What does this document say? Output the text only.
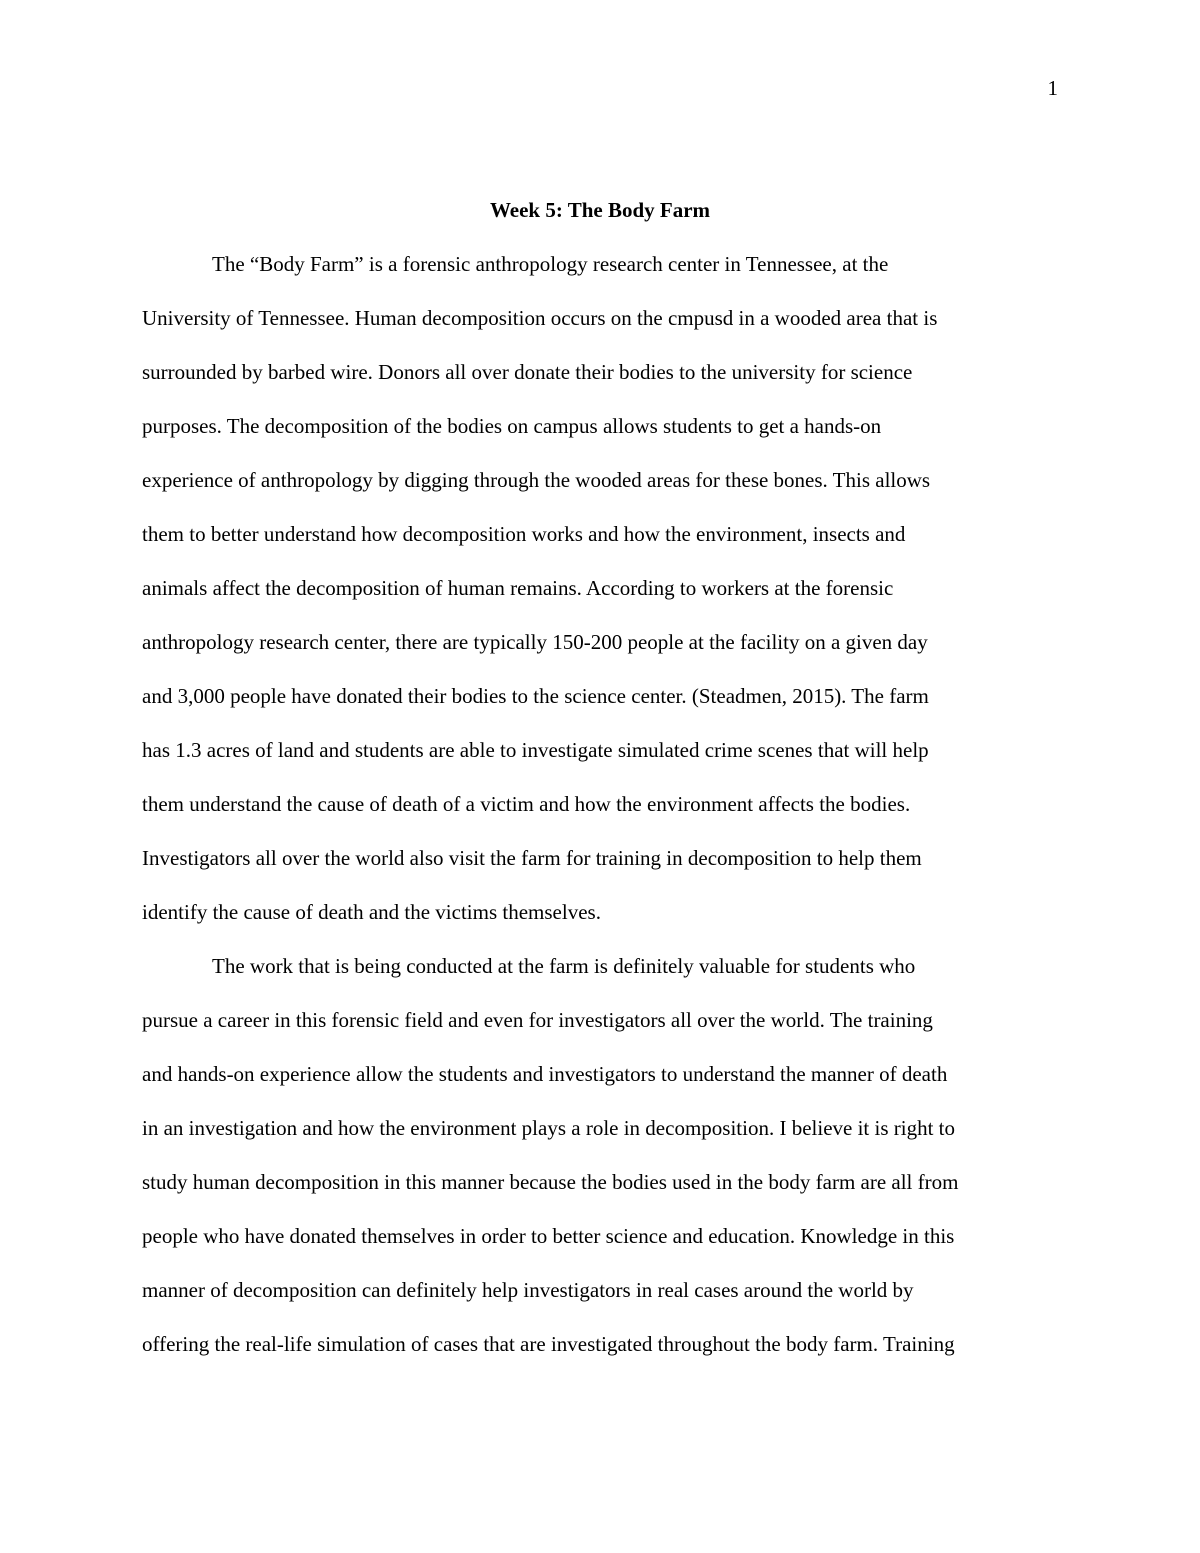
1
Week 5: The Body Farm
The “Body Farm” is a forensic anthropology research center in Tennessee, at the
University of Tennessee. Human decomposition occurs on the cmpusd in a wooded area that is
surrounded by barbed wire. Donors all over donate their bodies to the university for science
purposes. The decomposition of the bodies on campus allows students to get a hands-on
experience of anthropology by digging through the wooded areas for these bones. This allows
them to better understand how decomposition works and how the environment, insects and
animals affect the decomposition of human remains. According to workers at the forensic
anthropology research center, there are typically 150-200 people at the facility on a given day
and 3,000 people have donated their bodies to the science center. (Steadmen, 2015). The farm
has 1.3 acres of land and students are able to investigate simulated crime scenes that will help
them understand the cause of death of a victim and how the environment affects the bodies.
Investigators all over the world also visit the farm for training in decomposition to help them
identify the cause of death and the victims themselves.
The work that is being conducted at the farm is definitely valuable for students who
pursue a career in this forensic field and even for investigators all over the world. The training
and hands-on experience allow the students and investigators to understand the manner of death
in an investigation and how the environment plays a role in decomposition. I believe it is right to
study human decomposition in this manner because the bodies used in the body farm are all from
people who have donated themselves in order to better science and education. Knowledge in this
manner of decomposition can definitely help investigators in real cases around the world by
offering the real-life simulation of cases that are investigated throughout the body farm. Training
